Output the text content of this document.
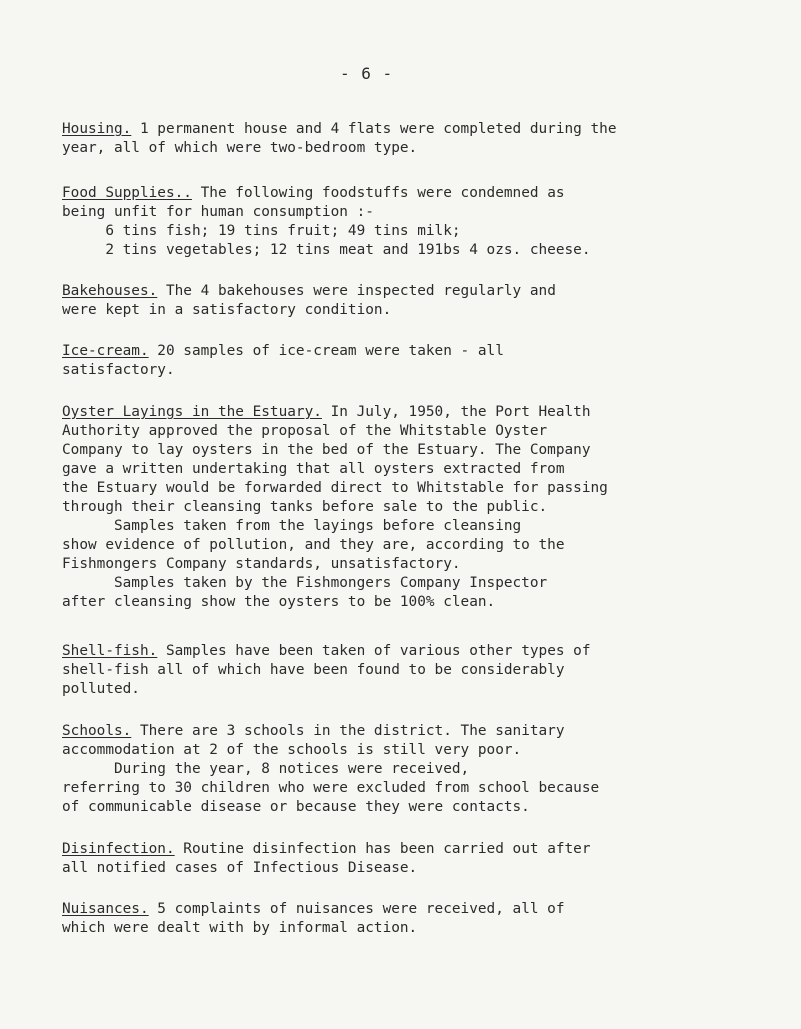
- 6 -
Housing. 1 permanent house and 4 flats were completed during the
year, all of which were two-bedroom type.
Food Supplies.. The following foodstuffs were condemned as
being unfit for human consumption :-
6 tins fish; 19 tins fruit; 49 tins milk;
2 tins vegetables; 12 tins meat and 191bs 4 ozs. cheese.
Bakehouses. The 4 bakehouses were inspected regularly and
were kept in a satisfactory condition.
Ice-cream. 20 samples of ice-cream were taken - all
satisfactory.
Oyster Layings in the Estuary. In July, 1950, the Port Health
Authority approved the proposal of the Whitstable Oyster
Company to lay oysters in the bed of the Estuary. The Company
gave a written undertaking that all oysters extracted from
the Estuary would be forwarded direct to Whitstable for passing
through their cleansing tanks before sale to the public.
Samples taken from the layings before cleansing
show evidence of pollution, and they are, according to the
Fishmongers Company standards, unsatisfactory.
Samples taken by the Fishmongers Company Inspector
after cleansing show the oysters to be 100% clean.
Shell-fish. Samples have been taken of various other types of
shell-fish all of which have been found to be considerably
polluted.
Schools. There are 3 schools in the district. The sanitary
accommodation at 2 of the schools is still very poor.
During the year, 8 notices were received,
referring to 30 children who were excluded from school because
of communicable disease or because they were contacts.
Disinfection. Routine disinfection has been carried out after
all notified cases of Infectious Disease.
Nuisances. 5 complaints of nuisances were received, all of
which were dealt with by informal action.
